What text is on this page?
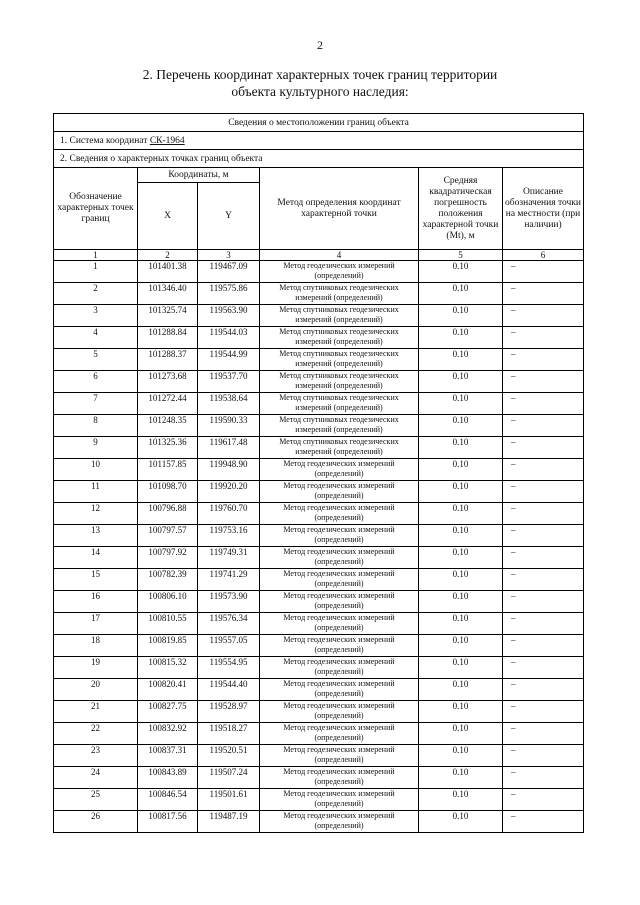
2
2. Перечень координат характерных точек границ территории
объекта культурного наследия:
Сведения о местоположении границ объекта					
1. Система координат СК-1964					
2. Сведения о характерных точках границ объекта					
Обозначение характерных точек границ	Координаты, м		Метод определения координат характерной точки	Средняя квадратическая погрешность положения характерной точки (Mt), м	Описание обозначения точки на местности (при наличии)
	X	Y			
1	2	3	4	5	6
1	101401.38	119467.09	Метод геодезических измерений
(определений)	0.10	–
2	101346.40	119575.86	Метод спутниковых геодезических
измерений (определений)	0.10	–
3	101325.74	119563.90	Метод спутниковых геодезических
измерений (определений)	0.10	–
4	101288.84	119544.03	Метод спутниковых геодезических
измерений (определений)	0.10	–
5	101288.37	119544.99	Метод спутниковых геодезических
измерений (определений)	0.10	–
6	101273.68	119537.70	Метод спутниковых геодезических
измерений (определений)	0.10	–
7	101272.44	119538.64	Метод спутниковых геодезических
измерений (определений)	0.10	–
8	101248.35	119590.33	Метод спутниковых геодезических
измерений (определений)	0.10	–
9	101325.36	119617.48	Метод спутниковых геодезических
измерений (определений)	0.10	–
10	101157.85	119948.90	Метод геодезических измерений
(определений)	0.10	–
11	101098.70	119920.20	Метод геодезических измерений
(определений)	0.10	–
12	100796.88	119760.70	Метод геодезических измерений
(определений)	0.10	–
13	100797.57	119753.16	Метод геодезических измерений
(определений)	0.10	–
14	100797.92	119749.31	Метод геодезических измерений
(определений)	0.10	–
15	100782.39	119741.29	Метод геодезических измерений
(определений)	0.10	–
16	100806.10	119573.90	Метод геодезических измерений
(определений)	0.10	–
17	100810.55	119576.34	Метод геодезических измерений
(определений)	0.10	–
18	100819.85	119557.05	Метод геодезических измерений
(определений)	0.10	–
19	100815.32	119554.95	Метод геодезических измерений
(определений)	0.10	–
20	100820.41	119544.40	Метод геодезических измерений
(определений)	0.10	–
21	100827.75	119528.97	Метод геодезических измерений
(определений)	0.10	–
22	100832.92	119518.27	Метод геодезических измерений
(определений)	0.10	–
23	100837.31	119520.51	Метод геодезических измерений
(определений)	0.10	–
24	100843.89	119507.24	Метод геодезических измерений
(определений)	0.10	–
25	100846.54	119501.61	Метод геодезических измерений
(определений)	0.10	–
26	100817.56	119487.19	Метод геодезических измерений
(определений)	0.10	–
